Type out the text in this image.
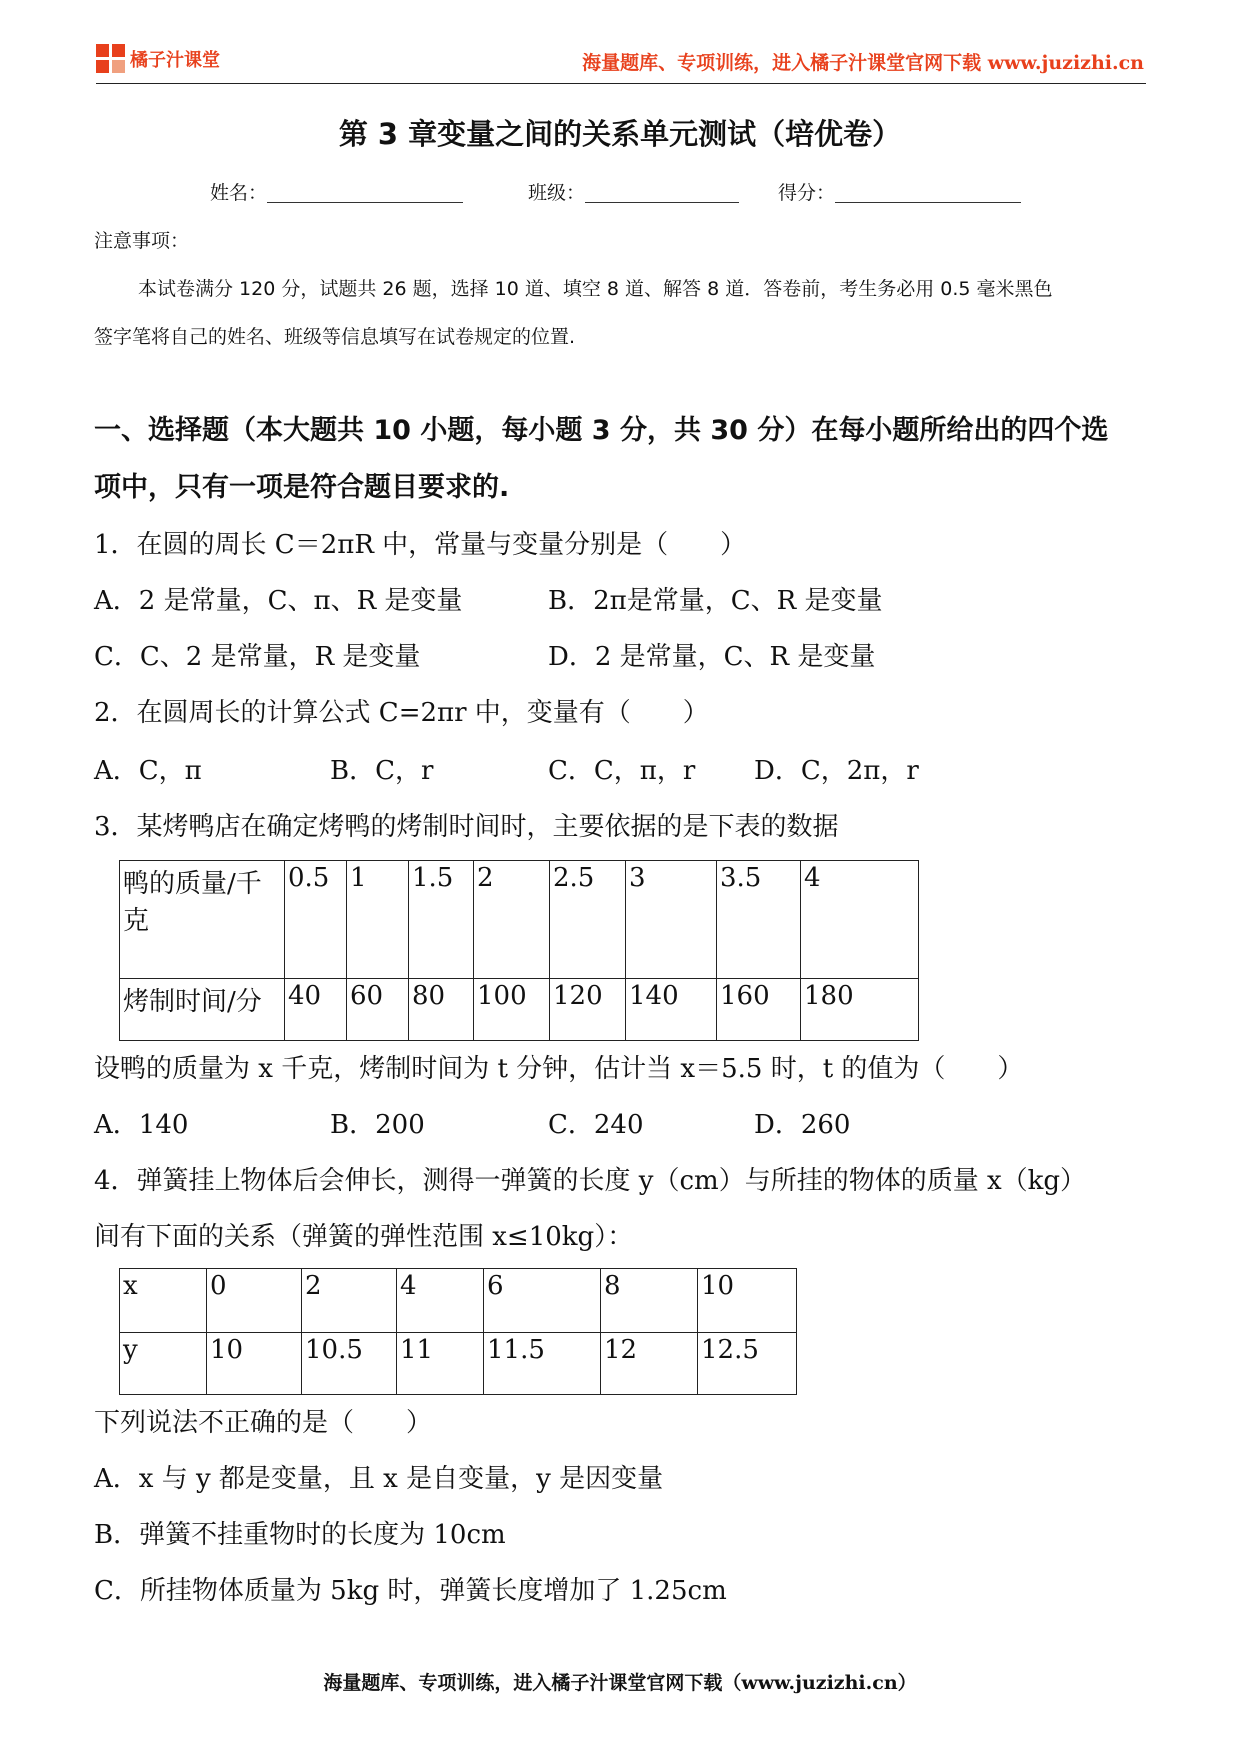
橘子汁课堂	海量题库、专项训练，进入橘子汁课堂官网下载 www.juzizhi.cn
第 3 章变量之间的关系单元测试（培优卷）
姓名：	班级：	得分：
注意事项：
本试卷满分 120 分，试题共 26 题，选择 10 道、填空 8 道、解答 8 道．答卷前，考生务必用 0.5 毫米黑色
签字笔将自己的姓名、班级等信息填写在试卷规定的位置.
一、选择题（本大题共 10 小题，每小题 3 分，共 30 分）在每小题所给出的四个选
项中，只有一项是符合题目要求的.
1．在圆的周长 C＝2πR 中，常量与变量分别是（　　）
A．2 是常量，C、π、R 是变量	B．2π是常量，C、R 是变量
C．C、2 是常量，R 是变量	D．2 是常量，C、R 是变量
2．在圆周长的计算公式 C=2πr 中，变量有（　　）
A．C，π	B．C，r	C．C，π，r D．C，2π，r
3．某烤鸭店在确定烤鸭的烤制时间时，主要依据的是下表的数据
鸭的质量/千
克	0.5	1	1.5	2	2.5	3	3.5	4
烤制时间/分	40	60	80	100	120	140	160	180
设鸭的质量为 x 千克，烤制时间为 t 分钟，估计当 x＝5.5 时，t 的值为（　　）
A．140	B．200	C．240	D．260
4．弹簧挂上物体后会伸长，测得一弹簧的长度 y（cm）与所挂的物体的质量 x（kg）
间有下面的关系（弹簧的弹性范围 x≤10kg）：
x	0	2	4	6	8	10
y	10	10.5	11	11.5	12	12.5
下列说法不正确的是（　　）
A．x 与 y 都是变量，且 x 是自变量，y 是因变量
B．弹簧不挂重物时的长度为 10cm
C．所挂物体质量为 5kg 时，弹簧长度增加了 1.25cm
海量题库、专项训练，进入橘子汁课堂官网下载（www.juzizhi.cn）
